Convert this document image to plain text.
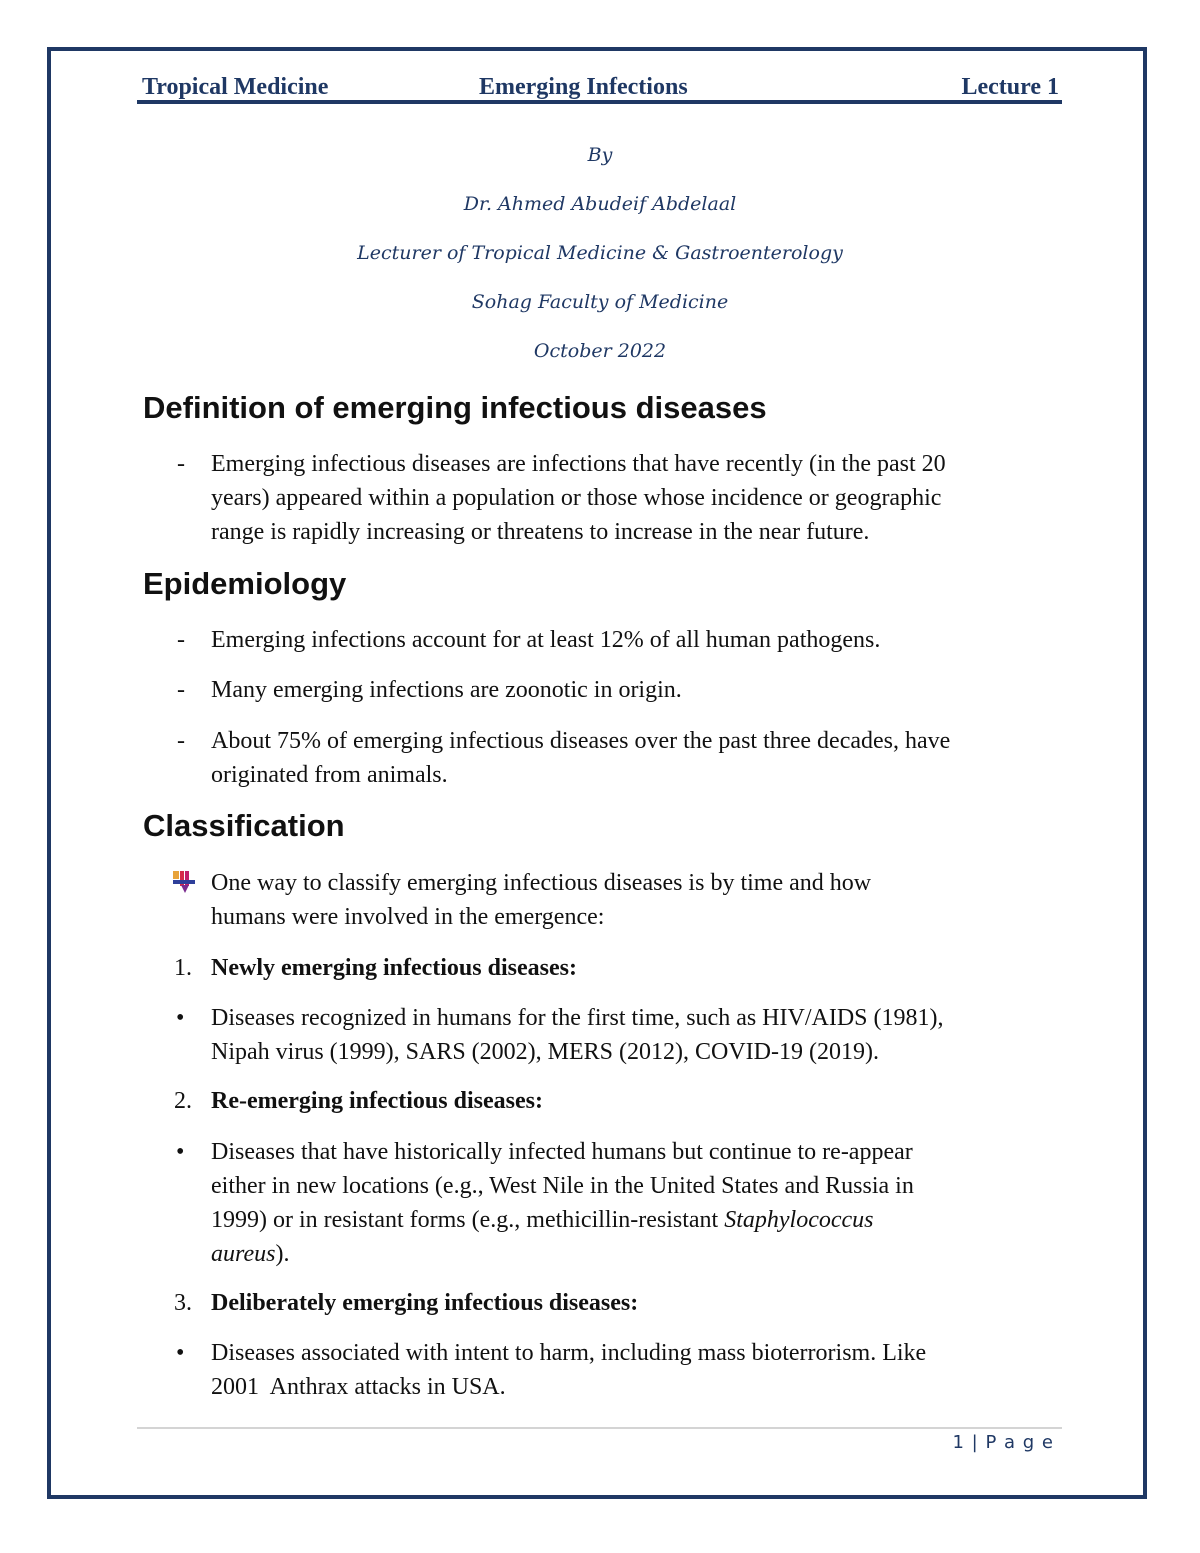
Tropical Medicine	Emerging Infections	Lecture 1
By
Dr. Ahmed Abudeif Abdelaal
Lecturer of Tropical Medicine & Gastroenterology
Sohag Faculty of Medicine
October 2022
Definition of emerging infectious diseases
- Emerging infectious diseases are infections that have recently (in the past 20
years) appeared within a population or those whose incidence or geographic
range is rapidly increasing or threatens to increase in the near future.
Epidemiology
- Emerging infections account for at least 12% of all human pathogens.
- Many emerging infections are zoonotic in origin.
- About 75% of emerging infectious diseases over the past three decades, have
originated from animals.
Classification
One way to classify emerging infectious diseases is by time and how
humans were involved in the emergence:
1. Newly emerging infectious diseases:
• Diseases recognized in humans for the first time, such as HIV/AIDS (1981),
Nipah virus (1999), SARS (2002), MERS (2012), COVID-19 (2019).
2. Re-emerging infectious diseases:
• Diseases that have historically infected humans but continue to re-appear
either in new locations (e.g., West Nile in the United States and Russia in
1999) or in resistant forms (e.g., methicillin-resistant Staphylococcus
aureus).
3. Deliberately emerging infectious diseases:
• Diseases associated with intent to harm, including mass bioterrorism. Like
2001  Anthrax attacks in USA.
1 | P a g e
